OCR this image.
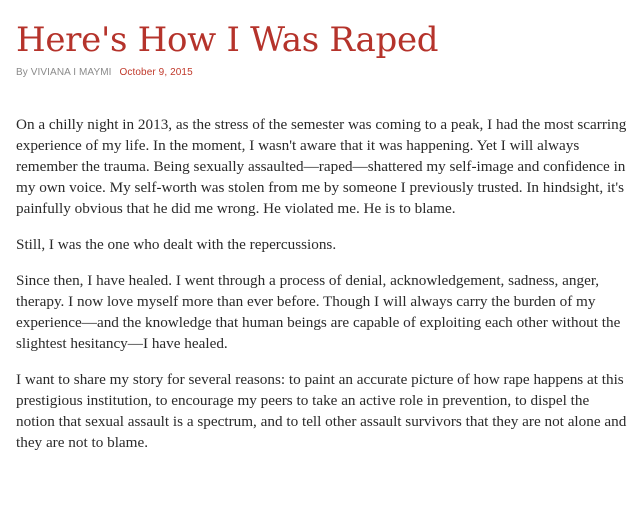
Here's How I Was Raped
By VIVIANA I MAYMI October 9, 2015

On a chilly night in 2013, as the stress of the semester was coming to a peak, I had the most scarring experience of my life. In the moment, I wasn't aware that it was happening. Yet I will always remember the trauma. Being sexually assaulted—raped—shattered my self-image and confidence in my own voice. My self-worth was stolen from me by someone I previously trusted. In hindsight, it's painfully obvious that he did me wrong. He violated me. He is to blame.

Still, I was the one who dealt with the repercussions.

Since then, I have healed. I went through a process of denial, acknowledgement, sadness, anger, therapy. I now love myself more than ever before. Though I will always carry the burden of my experience—and the knowledge that human beings are capable of exploiting each other without the slightest hesitancy—I have healed.

I want to share my story for several reasons: to paint an accurate picture of how rape happens at this prestigious institution, to encourage my peers to take an active role in prevention, to dispel the notion that sexual assault is a spectrum, and to tell other assault survivors that they are not alone and they are not to blame.
